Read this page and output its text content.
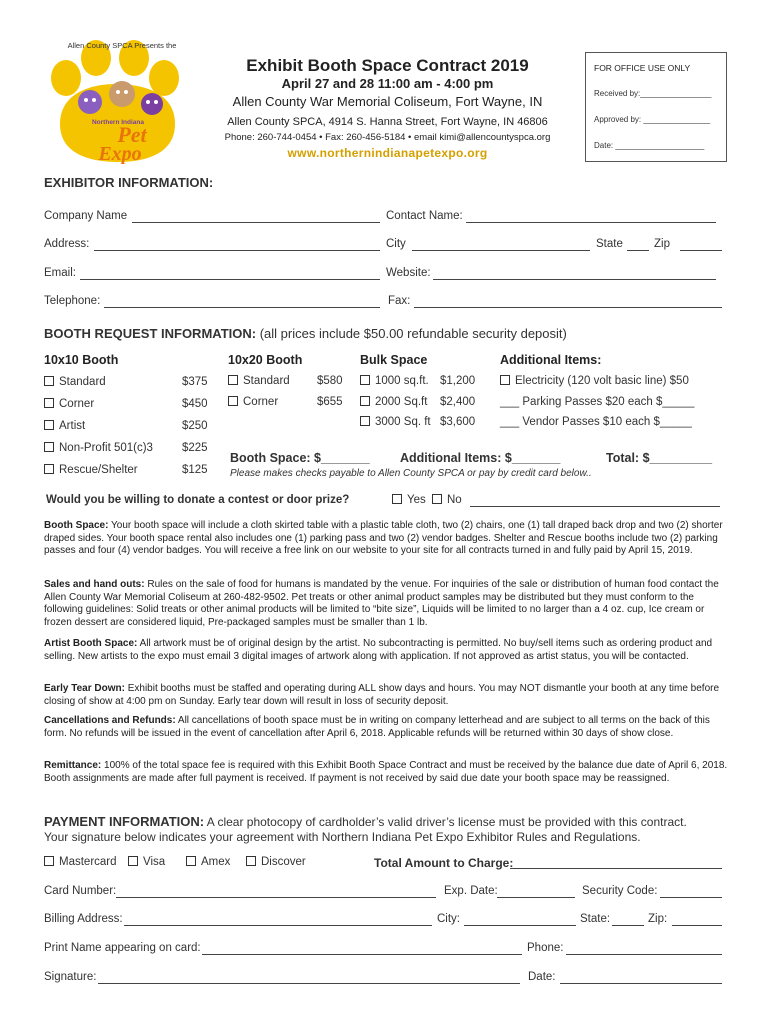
Allen County SPCA Presents the
Northern Indiana
Pet
Expo
Exhibit Booth Space Contract 2019
April 27 and 28 11:00 am - 4:00 pm
Allen County War Memorial Coliseum, Fort Wayne, IN
Allen County SPCA, 4914 S. Hanna Street, Fort Wayne, IN 46806
Phone: 260-744-0454 • Fax: 260-456-5184 • email kimi@allencountyspca.org
www.northernindianapetexpo.org
FOR OFFICE USE ONLY
Received by:________________
Approved by: _______________
Date: ____________________
EXHIBITOR INFORMATION:
Company Name	Contact Name:
Address:	City	State	Zip
Email:	Website:
Telephone:	Fax:
BOOTH REQUEST INFORMATION: (all prices include $50.00 refundable security deposit)
10x10 Booth	10x20 Booth	Bulk Space	Additional Items:
Standard	$375
Corner	$450
Artist	$250
Non-Profit 501(c)3	$225
Rescue/Shelter	$125
Standard $580
Corner	$655
1000 sq.ft. $1,200
2000 Sq.ft $2,400
3000 Sq. ft $3,600
Electricity (120 volt basic line) $50
___ Parking Passes $20 each $_____
___ Vendor Passes $10 each $_____
Booth Space: $_______ Additional Items: $_______	Total: $_________
Please makes checks payable to Allen County SPCA or pay by credit card below..
Would you be willing to donate a contest or door prize?	Yes	No
Booth Space: Your booth space will include a cloth skirted table with a plastic table cloth, two (2) chairs, one (1) tall draped back drop and two (2) shorter draped sides. Your booth space rental also includes one (1) parking pass and two (2) vendor badges. Shelter and Rescue booths include two (2) parking passes and four (4) vendor badges. You will receive a free link on our website to your site for all contracts turned in and fully paid by April 15, 2019.
Sales and hand outs: Rules on the sale of food for humans is mandated by the venue. For inquiries of the sale or distribution of human food contact the Allen County War Memorial Coliseum at 260-482-9502. Pet treats or other animal product samples may be distributed but they must conform to the following guidelines: Solid treats or other animal products will be limited to “bite size”, Liquids will be limited to no larger than a 4 oz. cup, Ice cream or frozen dessert are considered liquid, Pre-packaged samples must be smaller than 1 lb.
Artist Booth Space: All artwork must be of original design by the artist. No subcontracting is permitted. No buy/sell items such as ordering product and selling. New artists to the expo must email 3 digital images of artwork along with application. If not approved as artist status, you will be contacted.
Early Tear Down: Exhibit booths must be staffed and operating during ALL show days and hours. You may NOT dismantle your booth at any time before closing of show at 4:00 pm on Sunday. Early tear down will result in loss of security deposit.
Cancellations and Refunds: All cancellations of booth space must be in writing on company letterhead and are subject to all terms on the back of this form. No refunds will be issued in the event of cancellation after April 6, 2018. Applicable refunds will be returned within 30 days of show close.
Remittance: 100% of the total space fee is required with this Exhibit Booth Space Contract and must be received by the balance due date of April 6, 2018. Booth assignments are made after full payment is received. If payment is not received by said due date your booth space may be reassigned.
PAYMENT INFORMATION: A clear photocopy of cardholder’s valid driver’s license must be provided with this contract.
Your signature below indicates your agreement with Northern Indiana Pet Expo Exhibitor Rules and Regulations.
Mastercard	Visa	Amex	Discover	Total Amount to Charge:
Card Number:	Exp. Date:	Security Code:
Billing Address:	City:	State:	Zip:
Print Name appearing on card:	Phone:
Signature:	Date:
